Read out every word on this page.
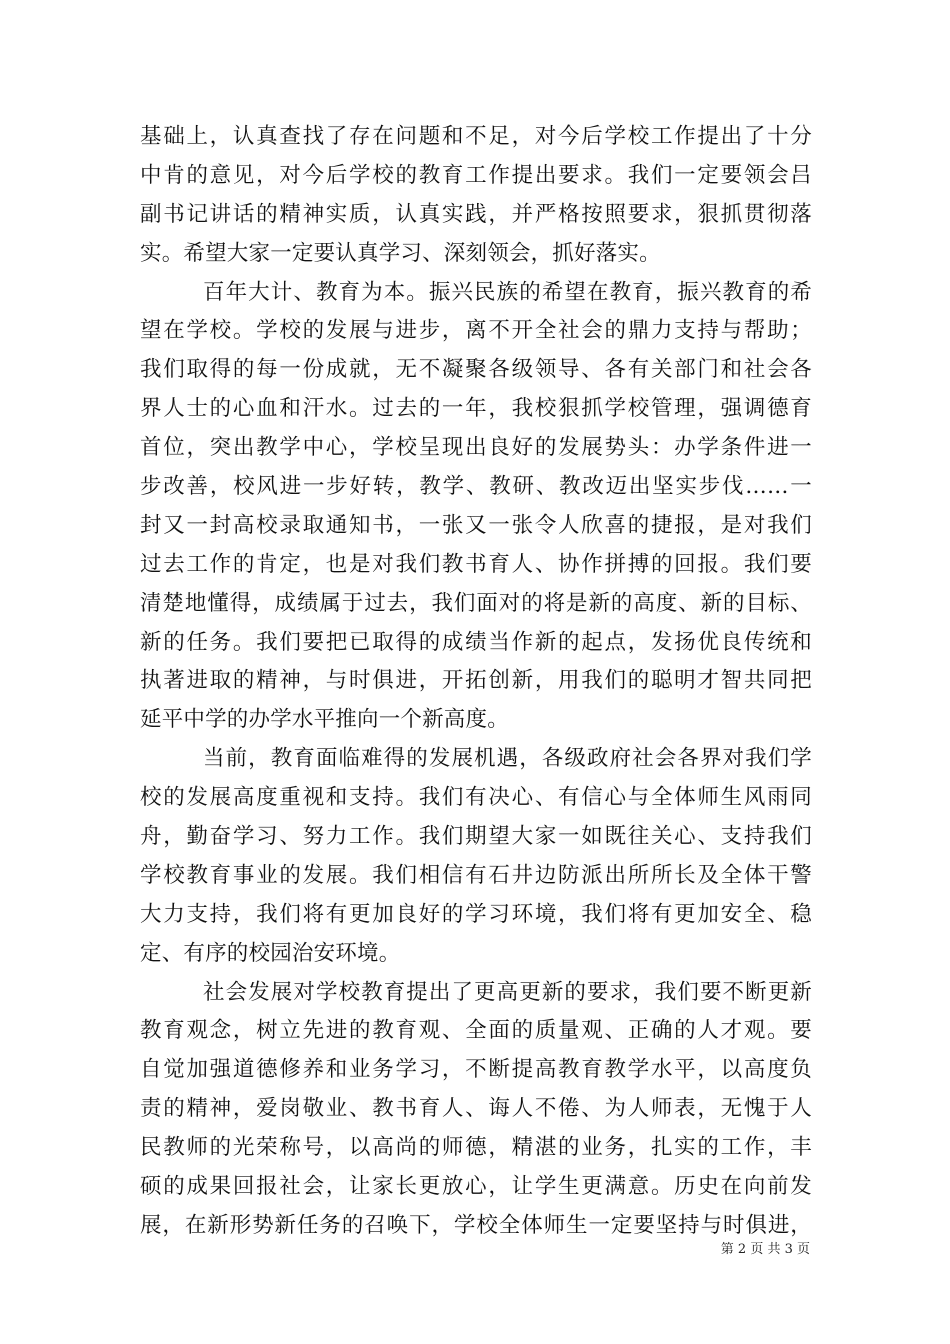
基础上，认真查找了存在问题和不足，对今后学校工作提出了十分
中肯的意见，对今后学校的教育工作提出要求。我们一定要领会吕
副书记讲话的精神实质，认真实践，并严格按照要求，狠抓贯彻落
实。希望大家一定要认真学习、深刻领会，抓好落实。
百年大计、教育为本。振兴民族的希望在教育，振兴教育的希
望在学校。学校的发展与进步，离不开全社会的鼎力支持与帮助；
我们取得的每一份成就，无不凝聚各级领导、各有关部门和社会各
界人士的心血和汗水。过去的一年，我校狠抓学校管理，强调德育
首位，突出教学中心，学校呈现出良好的发展势头：办学条件进一
步改善，校风进一步好转，教学、教研、教改迈出坚实步伐……一
封又一封高校录取通知书，一张又一张令人欣喜的捷报，是对我们
过去工作的肯定，也是对我们教书育人、协作拼搏的回报。我们要
清楚地懂得，成绩属于过去，我们面对的将是新的高度、新的目标、
新的任务。我们要把已取得的成绩当作新的起点，发扬优良传统和
执著进取的精神，与时俱进，开拓创新，用我们的聪明才智共同把
延平中学的办学水平推向一个新高度。
当前，教育面临难得的发展机遇，各级政府社会各界对我们学
校的发展高度重视和支持。我们有决心、有信心与全体师生风雨同
舟，勤奋学习、努力工作。我们期望大家一如既往关心、支持我们
学校教育事业的发展。我们相信有石井边防派出所所长及全体干警
大力支持，我们将有更加良好的学习环境，我们将有更加安全、稳
定、有序的校园治安环境。
社会发展对学校教育提出了更高更新的要求，我们要不断更新
教育观念，树立先进的教育观、全面的质量观、正确的人才观。要
自觉加强道德修养和业务学习，不断提高教育教学水平，以高度负
责的精神，爱岗敬业、教书育人、诲人不倦、为人师表，无愧于人
民教师的光荣称号，以高尚的师德，精湛的业务，扎实的工作，丰
硕的成果回报社会，让家长更放心，让学生更满意。历史在向前发
展，在新形势新任务的召唤下，学校全体师生一定要坚持与时俱进，
第 2 页 共 3 页
